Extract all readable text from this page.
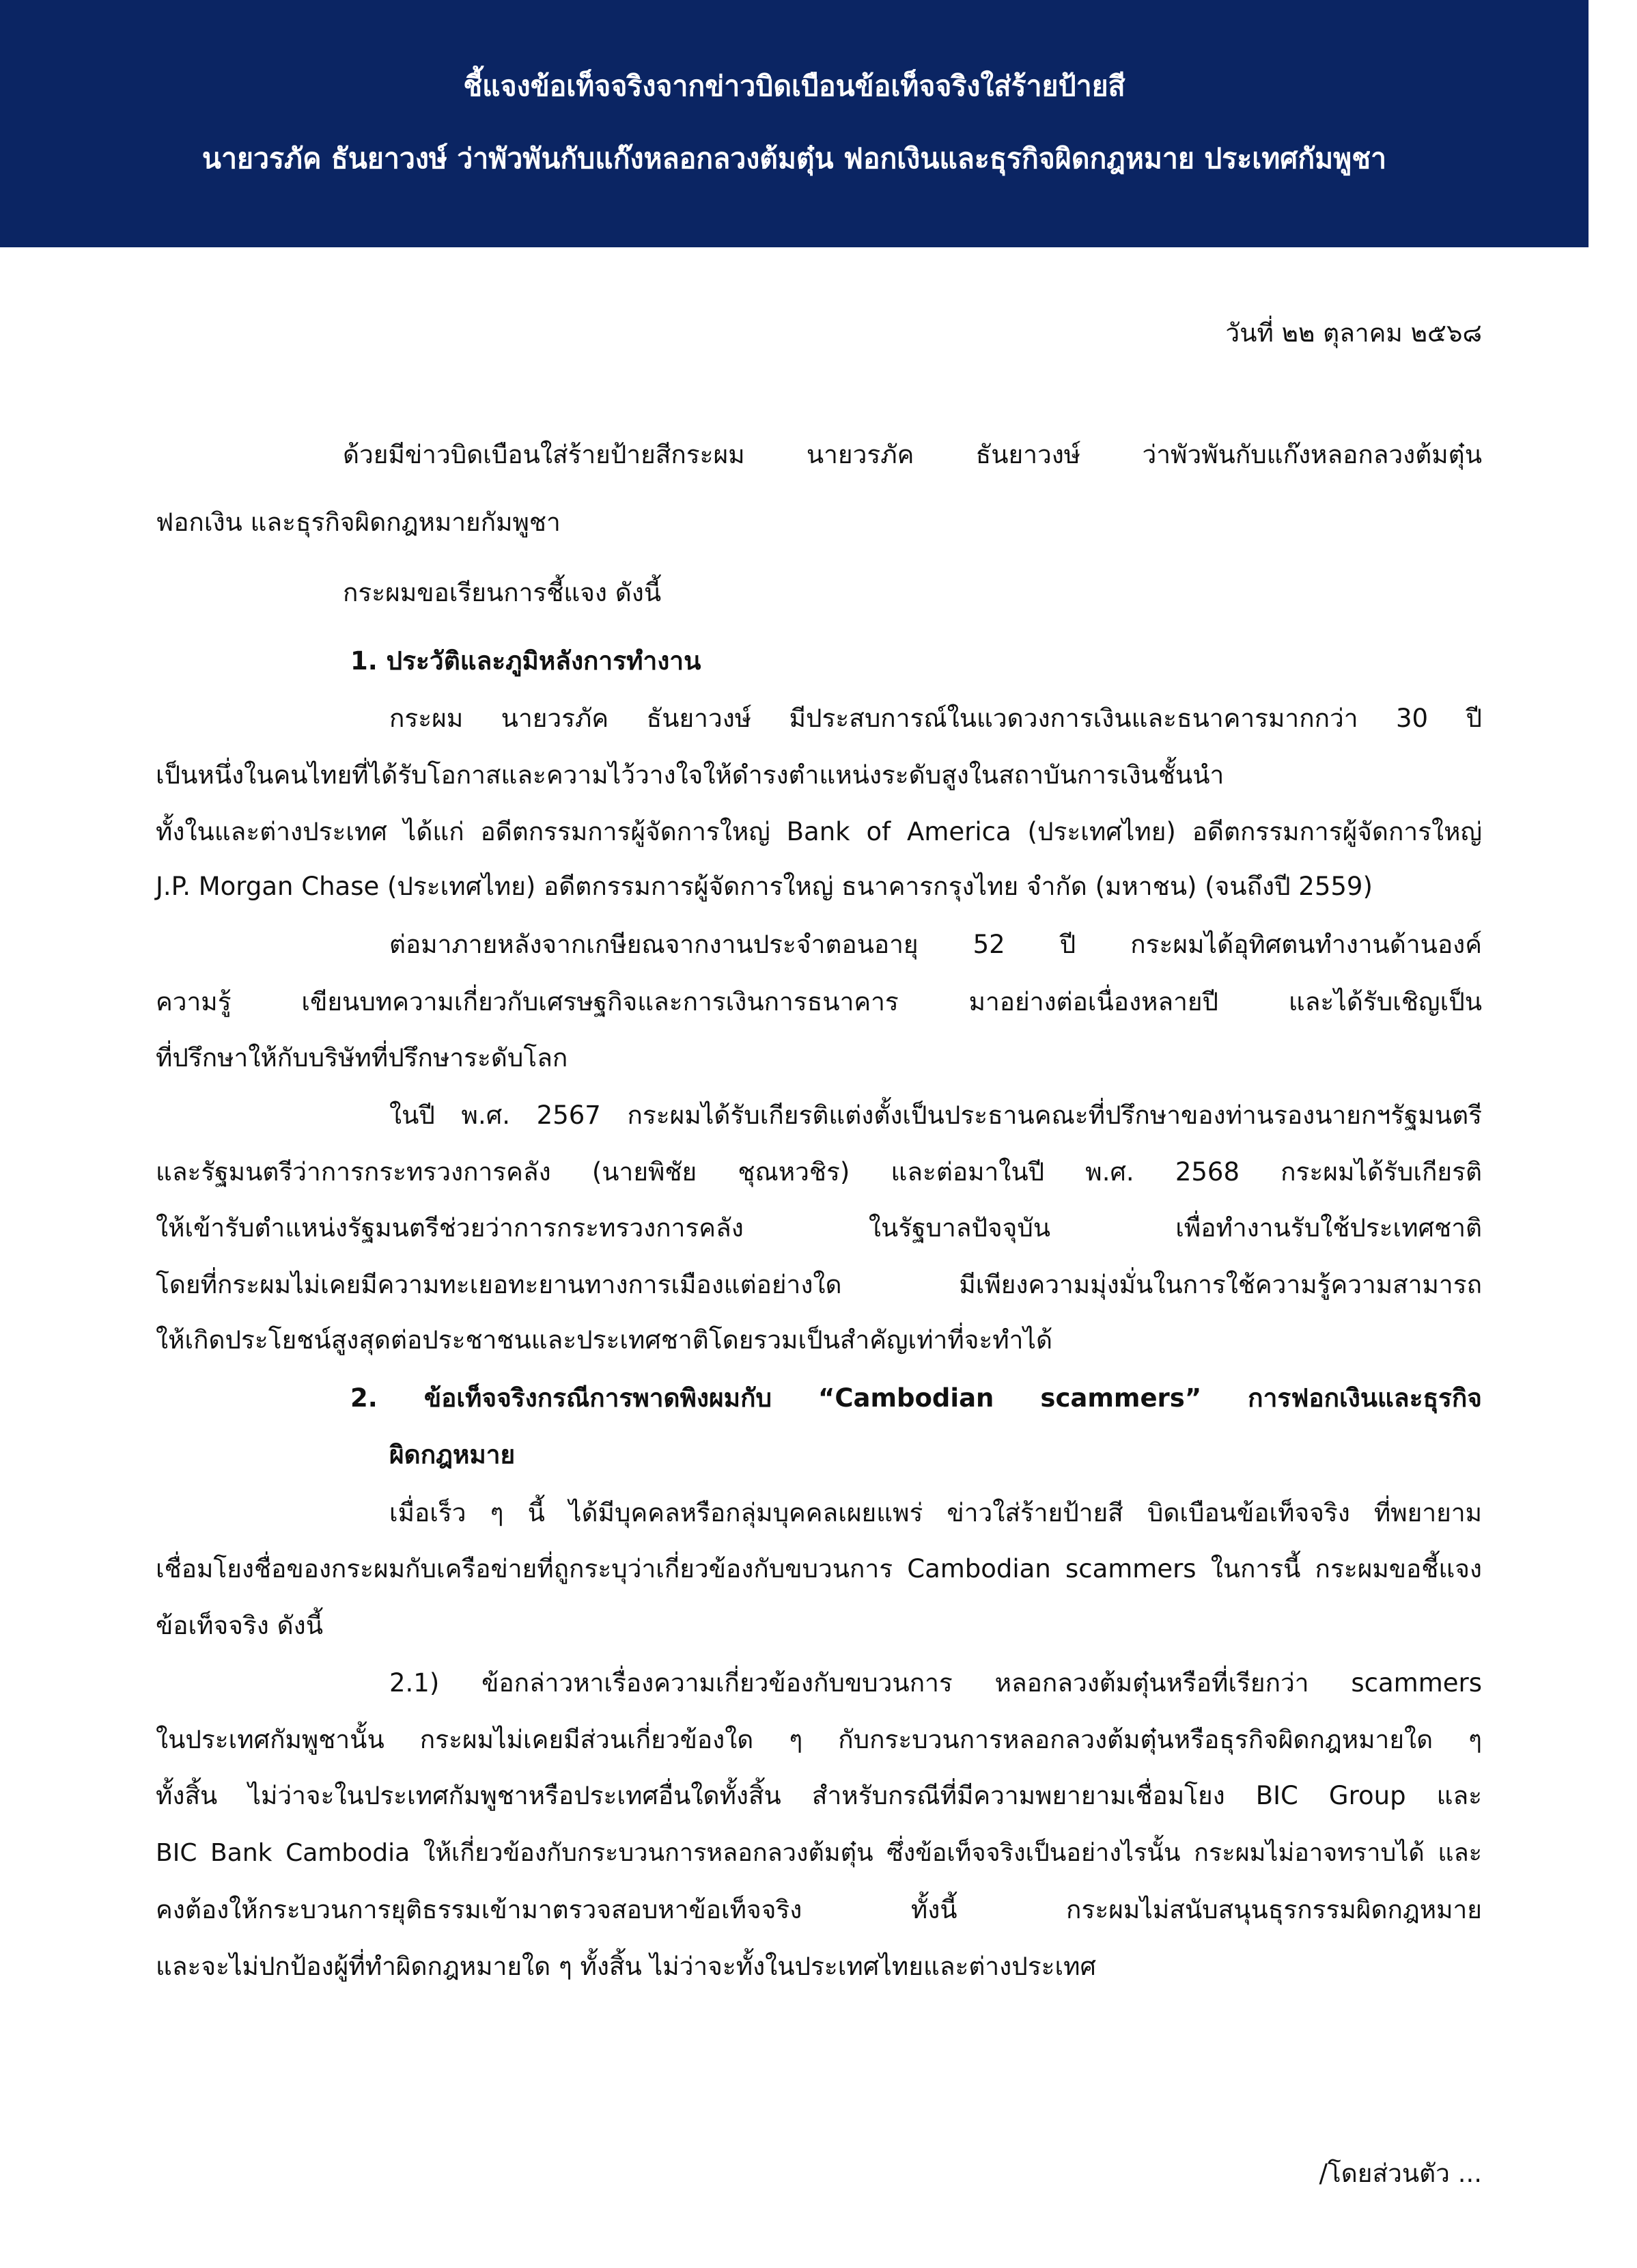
ชี้แจงข้อเท็จจริงจากข่าวบิดเบือนข้อเท็จจริงใส่ร้ายป้ายสี
นายวรภัค ธันยาวงษ์ ว่าพัวพันกับแก๊งหลอกลวงต้มตุ๋น ฟอกเงินและธุรกิจผิดกฎหมาย ประเทศกัมพูชา
วันที่ ๒๒ ตุลาคม ๒๕๖๘
ด้วยมีข่าวบิดเบือนใส่ร้ายป้ายสีกระผม นายวรภัค ธันยาวงษ์ ว่าพัวพันกับแก๊งหลอกลวงต้มตุ๋น
ฟอกเงิน และธุรกิจผิดกฎหมายกัมพูชา
กระผมขอเรียนการชี้แจง ดังนี้
1. ประวัติและภูมิหลังการทำงาน
กระผม นายวรภัค ธันยาวงษ์ มีประสบการณ์ในแวดวงการเงินและธนาคารมากกว่า 30 ปี
เป็นหนึ่งในคนไทยที่ได้รับโอกาสและความไว้วางใจให้ดำรงตำแหน่งระดับสูงในสถาบันการเงินชั้นนำ
ทั้งในและต่างประเทศ ได้แก่ อดีตกรรมการผู้จัดการใหญ่ Bank of America (ประเทศไทย) อดีตกรรมการผู้จัดการใหญ่
J.P. Morgan Chase (ประเทศไทย) อดีตกรรมการผู้จัดการใหญ่ ธนาคารกรุงไทย จำกัด (มหาชน) (จนถึงปี 2559)
ต่อมาภายหลังจากเกษียณจากงานประจำตอนอายุ 52 ปี กระผมได้อุทิศตนทำงานด้านองค์
ความรู้ เขียนบทความเกี่ยวกับเศรษฐกิจและการเงินการธนาคาร มาอย่างต่อเนื่องหลายปี และได้รับเชิญเป็น
ที่ปรึกษาให้กับบริษัทที่ปรึกษาระดับโลก
ในปี พ.ศ. 2567 กระผมได้รับเกียรติแต่งตั้งเป็นประธานคณะที่ปรึกษาของท่านรองนายกฯรัฐมนตรี
และรัฐมนตรีว่าการกระทรวงการคลัง (นายพิชัย ชุณหวชิร) และต่อมาในปี พ.ศ. 2568 กระผมได้รับเกียรติ
ให้เข้ารับตำแหน่งรัฐมนตรีช่วยว่าการกระทรวงการคลัง ในรัฐบาลปัจจุบัน เพื่อทำงานรับใช้ประเทศชาติ
โดยที่กระผมไม่เคยมีความทะเยอทะยานทางการเมืองแต่อย่างใด มีเพียงความมุ่งมั่นในการใช้ความรู้ความสามารถ
ให้เกิดประโยชน์สูงสุดต่อประชาชนและประเทศชาติโดยรวมเป็นสำคัญเท่าที่จะทำได้
2. ข้อเท็จจริงกรณีการพาดพิงผมกับ “Cambodian scammers” การฟอกเงินและธุรกิจ
ผิดกฎหมาย
เมื่อเร็ว ๆ นี้ ได้มีบุคคลหรือกลุ่มบุคคลเผยแพร่ ข่าวใส่ร้ายป้ายสี บิดเบือนข้อเท็จจริง ที่พยายาม
เชื่อมโยงชื่อของกระผมกับเครือข่ายที่ถูกระบุว่าเกี่ยวข้องกับขบวนการ Cambodian scammers ในการนี้ กระผมขอชี้แจง
ข้อเท็จจริง ดังนี้
2.1) ข้อกล่าวหาเรื่องความเกี่ยวข้องกับขบวนการ หลอกลวงต้มตุ๋นหรือที่เรียกว่า scammers
ในประเทศกัมพูชานั้น กระผมไม่เคยมีส่วนเกี่ยวข้องใด ๆ กับกระบวนการหลอกลวงต้มตุ๋นหรือธุรกิจผิดกฎหมายใด ๆ
ทั้งสิ้น ไม่ว่าจะในประเทศกัมพูชาหรือประเทศอื่นใดทั้งสิ้น สำหรับกรณีที่มีความพยายามเชื่อมโยง BIC Group และ
BIC Bank Cambodia ให้เกี่ยวข้องกับกระบวนการหลอกลวงต้มตุ๋น ซึ่งข้อเท็จจริงเป็นอย่างไรนั้น กระผมไม่อาจทราบได้ และ
คงต้องให้กระบวนการยุติธรรมเข้ามาตรวจสอบหาข้อเท็จจริง ทั้งนี้ กระผมไม่สนับสนุนธุรกรรมผิดกฎหมาย
และจะไม่ปกป้องผู้ที่ทำผิดกฎหมายใด ๆ ทั้งสิ้น ไม่ว่าจะทั้งในประเทศไทยและต่างประเทศ
/โดยส่วนตัว ...
